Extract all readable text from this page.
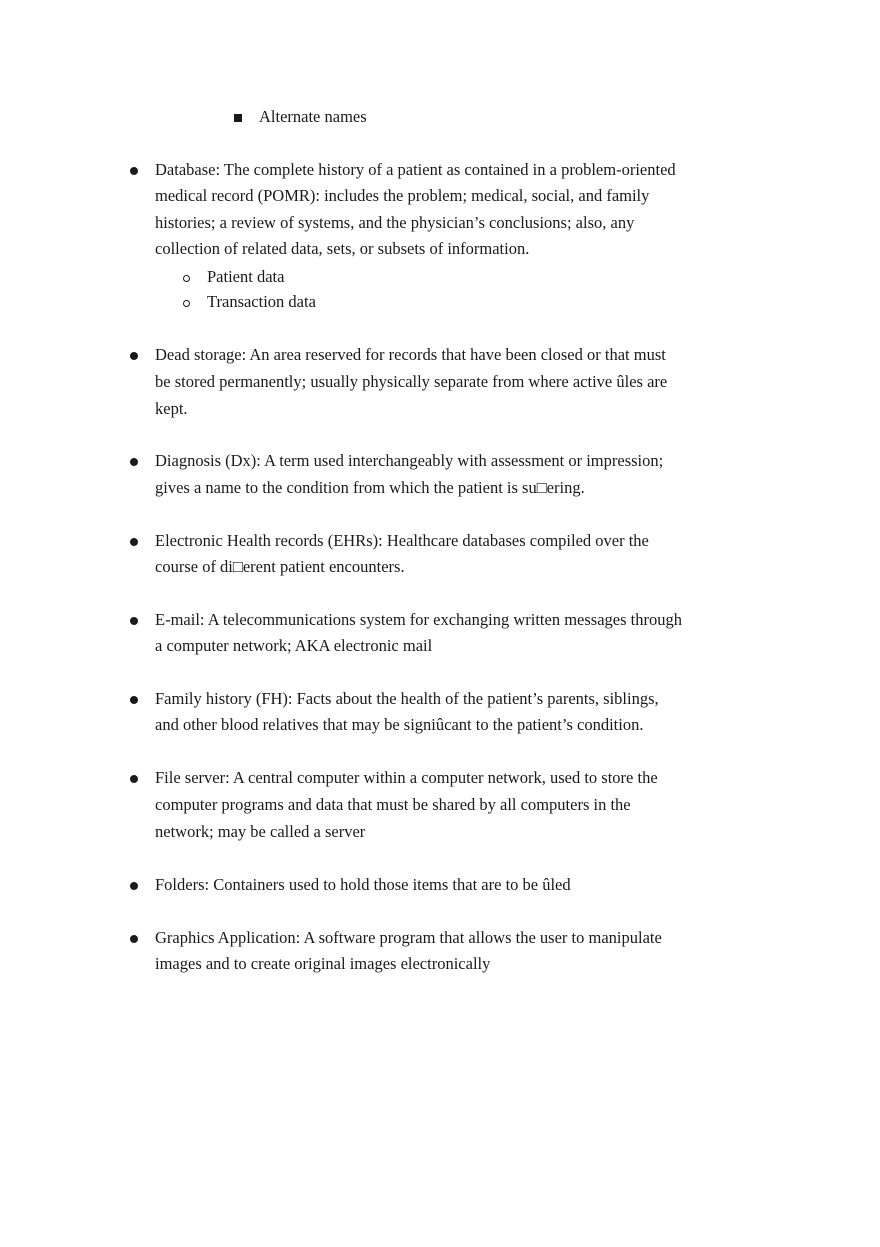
Alternate names
Database: The complete history of a patient as contained in a problem-oriented
medical record (POMR): includes the problem; medical, social, and family
histories; a review of systems, and the physician’s conclusions; also, any
collection of related data, sets, or subsets of information.
Patient data
Transaction data
Dead storage: An area reserved for records that have been closed or that must
be stored permanently; usually physically separate from where active ûles are
kept.
Diagnosis (Dx): A term used interchangeably with assessment or impression;
gives a name to the condition from which the patient is su□ering.
Electronic Health records (EHRs): Healthcare databases compiled over the
course of di□erent patient encounters.
E-mail: A telecommunications system for exchanging written messages through
a computer network; AKA electronic mail
Family history (FH): Facts about the health of the patient’s parents, siblings,
and other blood relatives that may be signiûcant to the patient’s condition.
File server: A central computer within a computer network, used to store the
computer programs and data that must be shared by all computers in the
network; may be called a server
Folders: Containers used to hold those items that are to be ûled
Graphics Application: A software program that allows the user to manipulate
images and to create original images electronically
